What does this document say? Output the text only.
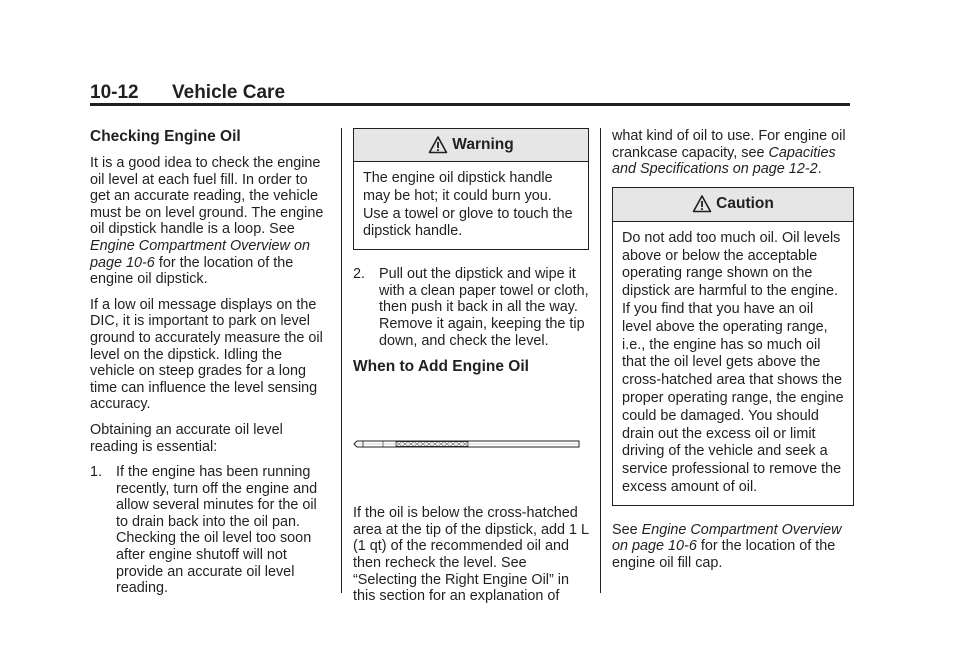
10-12 Vehicle Care
Checking Engine Oil

It is a good idea to check the engine oil level at each fuel fill. In order to get an accurate reading, the vehicle must be on level ground. The engine oil dipstick handle is a loop. See Engine Compartment Overview on page 10-6 for the location of the engine oil dipstick.

If a low oil message displays on the DIC, it is important to park on level ground to accurately measure the oil level on the dipstick. Idling the vehicle on steep grades for a long time can influence the level sensing accuracy.

Obtaining an accurate oil level reading is essential:

1. If the engine has been running recently, turn off the engine and allow several minutes for the oil to drain back into the oil pan. Checking the oil level too soon after engine shutoff will not provide an accurate oil level reading.
Warning
The engine oil dipstick handle may be hot; it could burn you. Use a towel or glove to touch the dipstick handle.
2. Pull out the dipstick and wipe it with a clean paper towel or cloth, then push it back in all the way. Remove it again, keeping the tip down, and check the level.
When to Add Engine Oil

If the oil is below the cross-hatched area at the tip of the dipstick, add 1 L (1 qt) of the recommended oil and then recheck the level. See “Selecting the Right Engine Oil” in this section for an explanation of

what kind of oil to use. For engine oil crankcase capacity, see Capacities and Specifications on page 12-2.

Caution
Do not add too much oil. Oil levels above or below the acceptable operating range shown on the dipstick are harmful to the engine. If you find that you have an oil level above the operating range, i.e., the engine has so much oil that the oil level gets above the cross-hatched area that shows the proper operating range, the engine could be damaged. You should drain out the excess oil or limit driving of the vehicle and seek a service professional to remove the excess amount of oil.

See Engine Compartment Overview on page 10-6 for the location of the engine oil fill cap.
